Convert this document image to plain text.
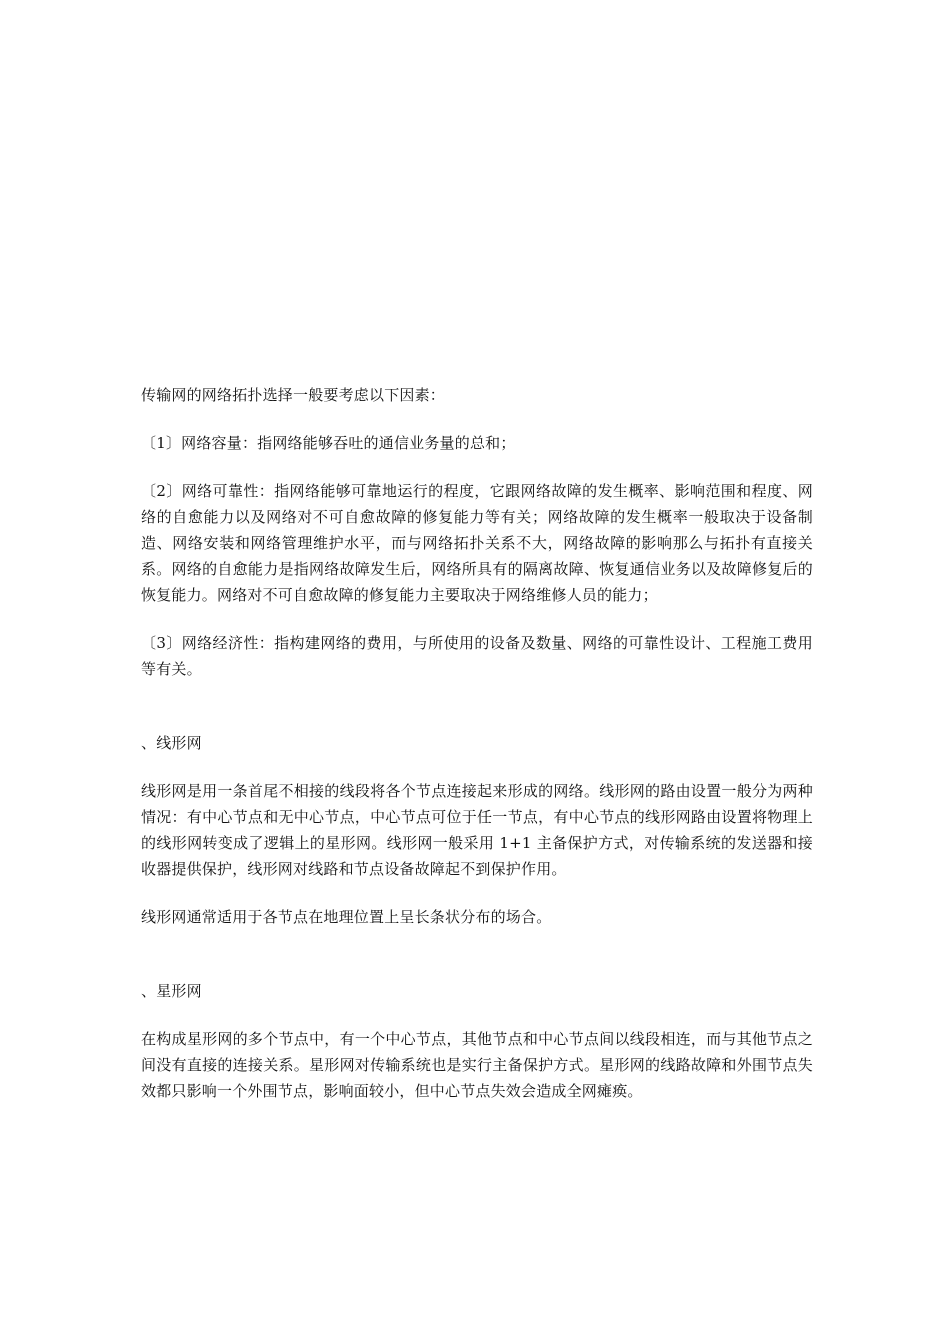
传输网的网络拓扑选择一般要考虑以下因素：

〔1〕网络容量：指网络能够吞吐的通信业务量的总和；

〔2〕网络可靠性：指网络能够可靠地运行的程度，它跟网络故障的发生概率、影响范围和程度、网络的自愈能力以及网络对不可自愈故障的修复能力等有关；网络故障的发生概率一般取决于设备制造、网络安装和网络管理维护水平，而与网络拓扑关系不大，网络故障的影响那么与拓扑有直接关系。网络的自愈能力是指网络故障发生后，网络所具有的隔离故障、恢复通信业务以及故障修复后的恢复能力。网络对不可自愈故障的修复能力主要取决于网络维修人员的能力；

〔3〕网络经济性：指构建网络的费用，与所使用的设备及数量、网络的可靠性设计、工程施工费用等有关。

、线形网

线形网是用一条首尾不相接的线段将各个节点连接起来形成的网络。线形网的路由设置一般分为两种情况：有中心节点和无中心节点，中心节点可位于任一节点，有中心节点的线形网路由设置将物理上的线形网转变成了逻辑上的星形网。线形网一般采用 1+1 主备保护方式，对传输系统的发送器和接收器提供保护，线形网对线路和节点设备故障起不到保护作用。

线形网通常适用于各节点在地理位置上呈长条状分布的场合。

、星形网

在构成星形网的多个节点中，有一个中心节点，其他节点和中心节点间以线段相连，而与其他节点之间没有直接的连接关系。星形网对传输系统也是实行主备保护方式。星形网的线路故障和外围节点失效都只影响一个外围节点，影响面较小，但中心节点失效会造成全网瘫痪。
